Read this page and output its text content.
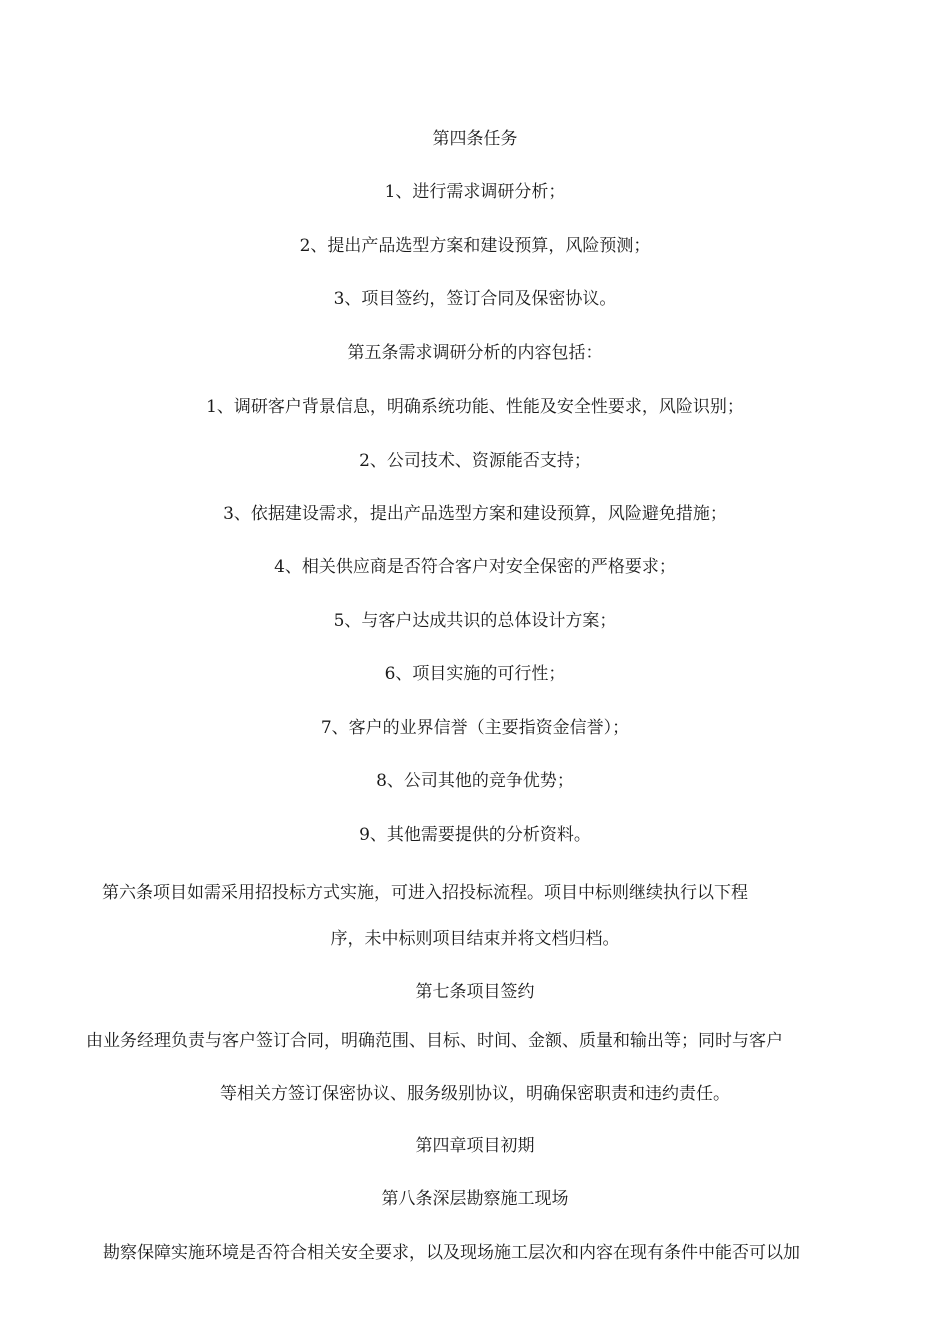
第四条任务
1、进行需求调研分析；
2、提出产品选型方案和建设预算，风险预测；
3、项目签约，签订合同及保密协议。
第五条需求调研分析的内容包括：
1、调研客户背景信息，明确系统功能、性能及安全性要求，风险识别；
2、公司技术、资源能否支持；
3、依据建设需求，提出产品选型方案和建设预算，风险避免措施；
4、相关供应商是否符合客户对安全保密的严格要求；
5、与客户达成共识的总体设计方案；
6、项目实施的可行性；
7、客户的业界信誉（主要指资金信誉）；
8、公司其他的竞争优势；
9、其他需要提供的分析资料。
第六条项目如需采用招投标方式实施，可进入招投标流程。项目中标则继续执行以下程
序，未中标则项目结束并将文档归档。
第七条项目签约
由业务经理负责与客户签订合同，明确范围、目标、时间、金额、质量和输出等；同时与客户
等相关方签订保密协议、服务级别协议，明确保密职责和违约责任。
第四章项目初期
第八条深层勘察施工现场
勘察保障实施环境是否符合相关安全要求，以及现场施工层次和内容在现有条件中能否可以加
